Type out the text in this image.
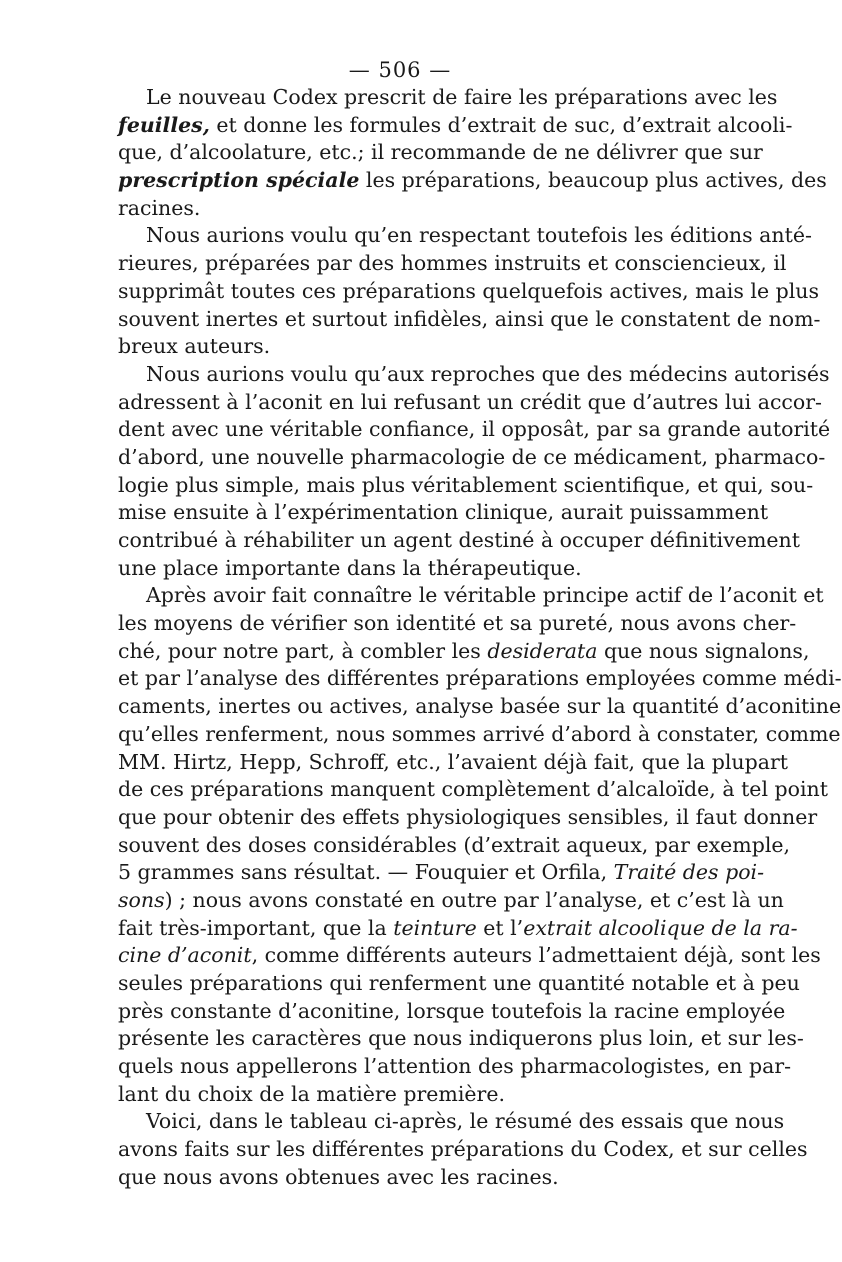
— 506 —
Le nouveau Codex prescrit de faire les préparations avec les
feuilles, et donne les formules d’extrait de suc, d’extrait alcooli-
que, d’alcoolature, etc.; il recommande de ne délivrer que sur
prescription spéciale les préparations, beaucoup plus actives, des
racines.
Nous aurions voulu qu’en respectant toutefois les éditions anté-
rieures, préparées par des hommes instruits et consciencieux, il
supprimât toutes ces préparations quelquefois actives, mais le plus
souvent inertes et surtout infidèles, ainsi que le constatent de nom-
breux auteurs.
Nous aurions voulu qu’aux reproches que des médecins autorisés
adressent à l’aconit en lui refusant un crédit que d’autres lui accor-
dent avec une véritable confiance, il opposât, par sa grande autorité
d’abord, une nouvelle pharmacologie de ce médicament, pharmaco-
logie plus simple, mais plus véritablement scientifique, et qui, sou-
mise ensuite à l’expérimentation clinique, aurait puissamment
contribué à réhabiliter un agent destiné à occuper définitivement
une place importante dans la thérapeutique.
Après avoir fait connaître le véritable principe actif de l’aconit et
les moyens de vérifier son identité et sa pureté, nous avons cher-
ché, pour notre part, à combler les desiderata que nous signalons,
et par l’analyse des différentes préparations employées comme médi-
caments, inertes ou actives, analyse basée sur la quantité d’aconitine
qu’elles renferment, nous sommes arrivé d’abord à constater, comme
MM. Hirtz, Hepp, Schroff, etc., l’avaient déjà fait, que la plupart
de ces préparations manquent complètement d’alcaloïde, à tel point
que pour obtenir des effets physiologiques sensibles, il faut donner
souvent des doses considérables (d’extrait aqueux, par exemple,
5 grammes sans résultat. — Fouquier et Orfila, Traité des poi-
sons) ; nous avons constaté en outre par l’analyse, et c’est là un
fait très-important, que la teinture et l’extrait alcoolique de la ra-
cine d’aconit, comme différents auteurs l’admettaient déjà, sont les
seules préparations qui renferment une quantité notable et à peu
près constante d’aconitine, lorsque toutefois la racine employée
présente les caractères que nous indiquerons plus loin, et sur les-
quels nous appellerons l’attention des pharmacologistes, en par-
lant du choix de la matière première.
Voici, dans le tableau ci-après, le résumé des essais que nous
avons faits sur les différentes préparations du Codex, et sur celles
que nous avons obtenues avec les racines.
